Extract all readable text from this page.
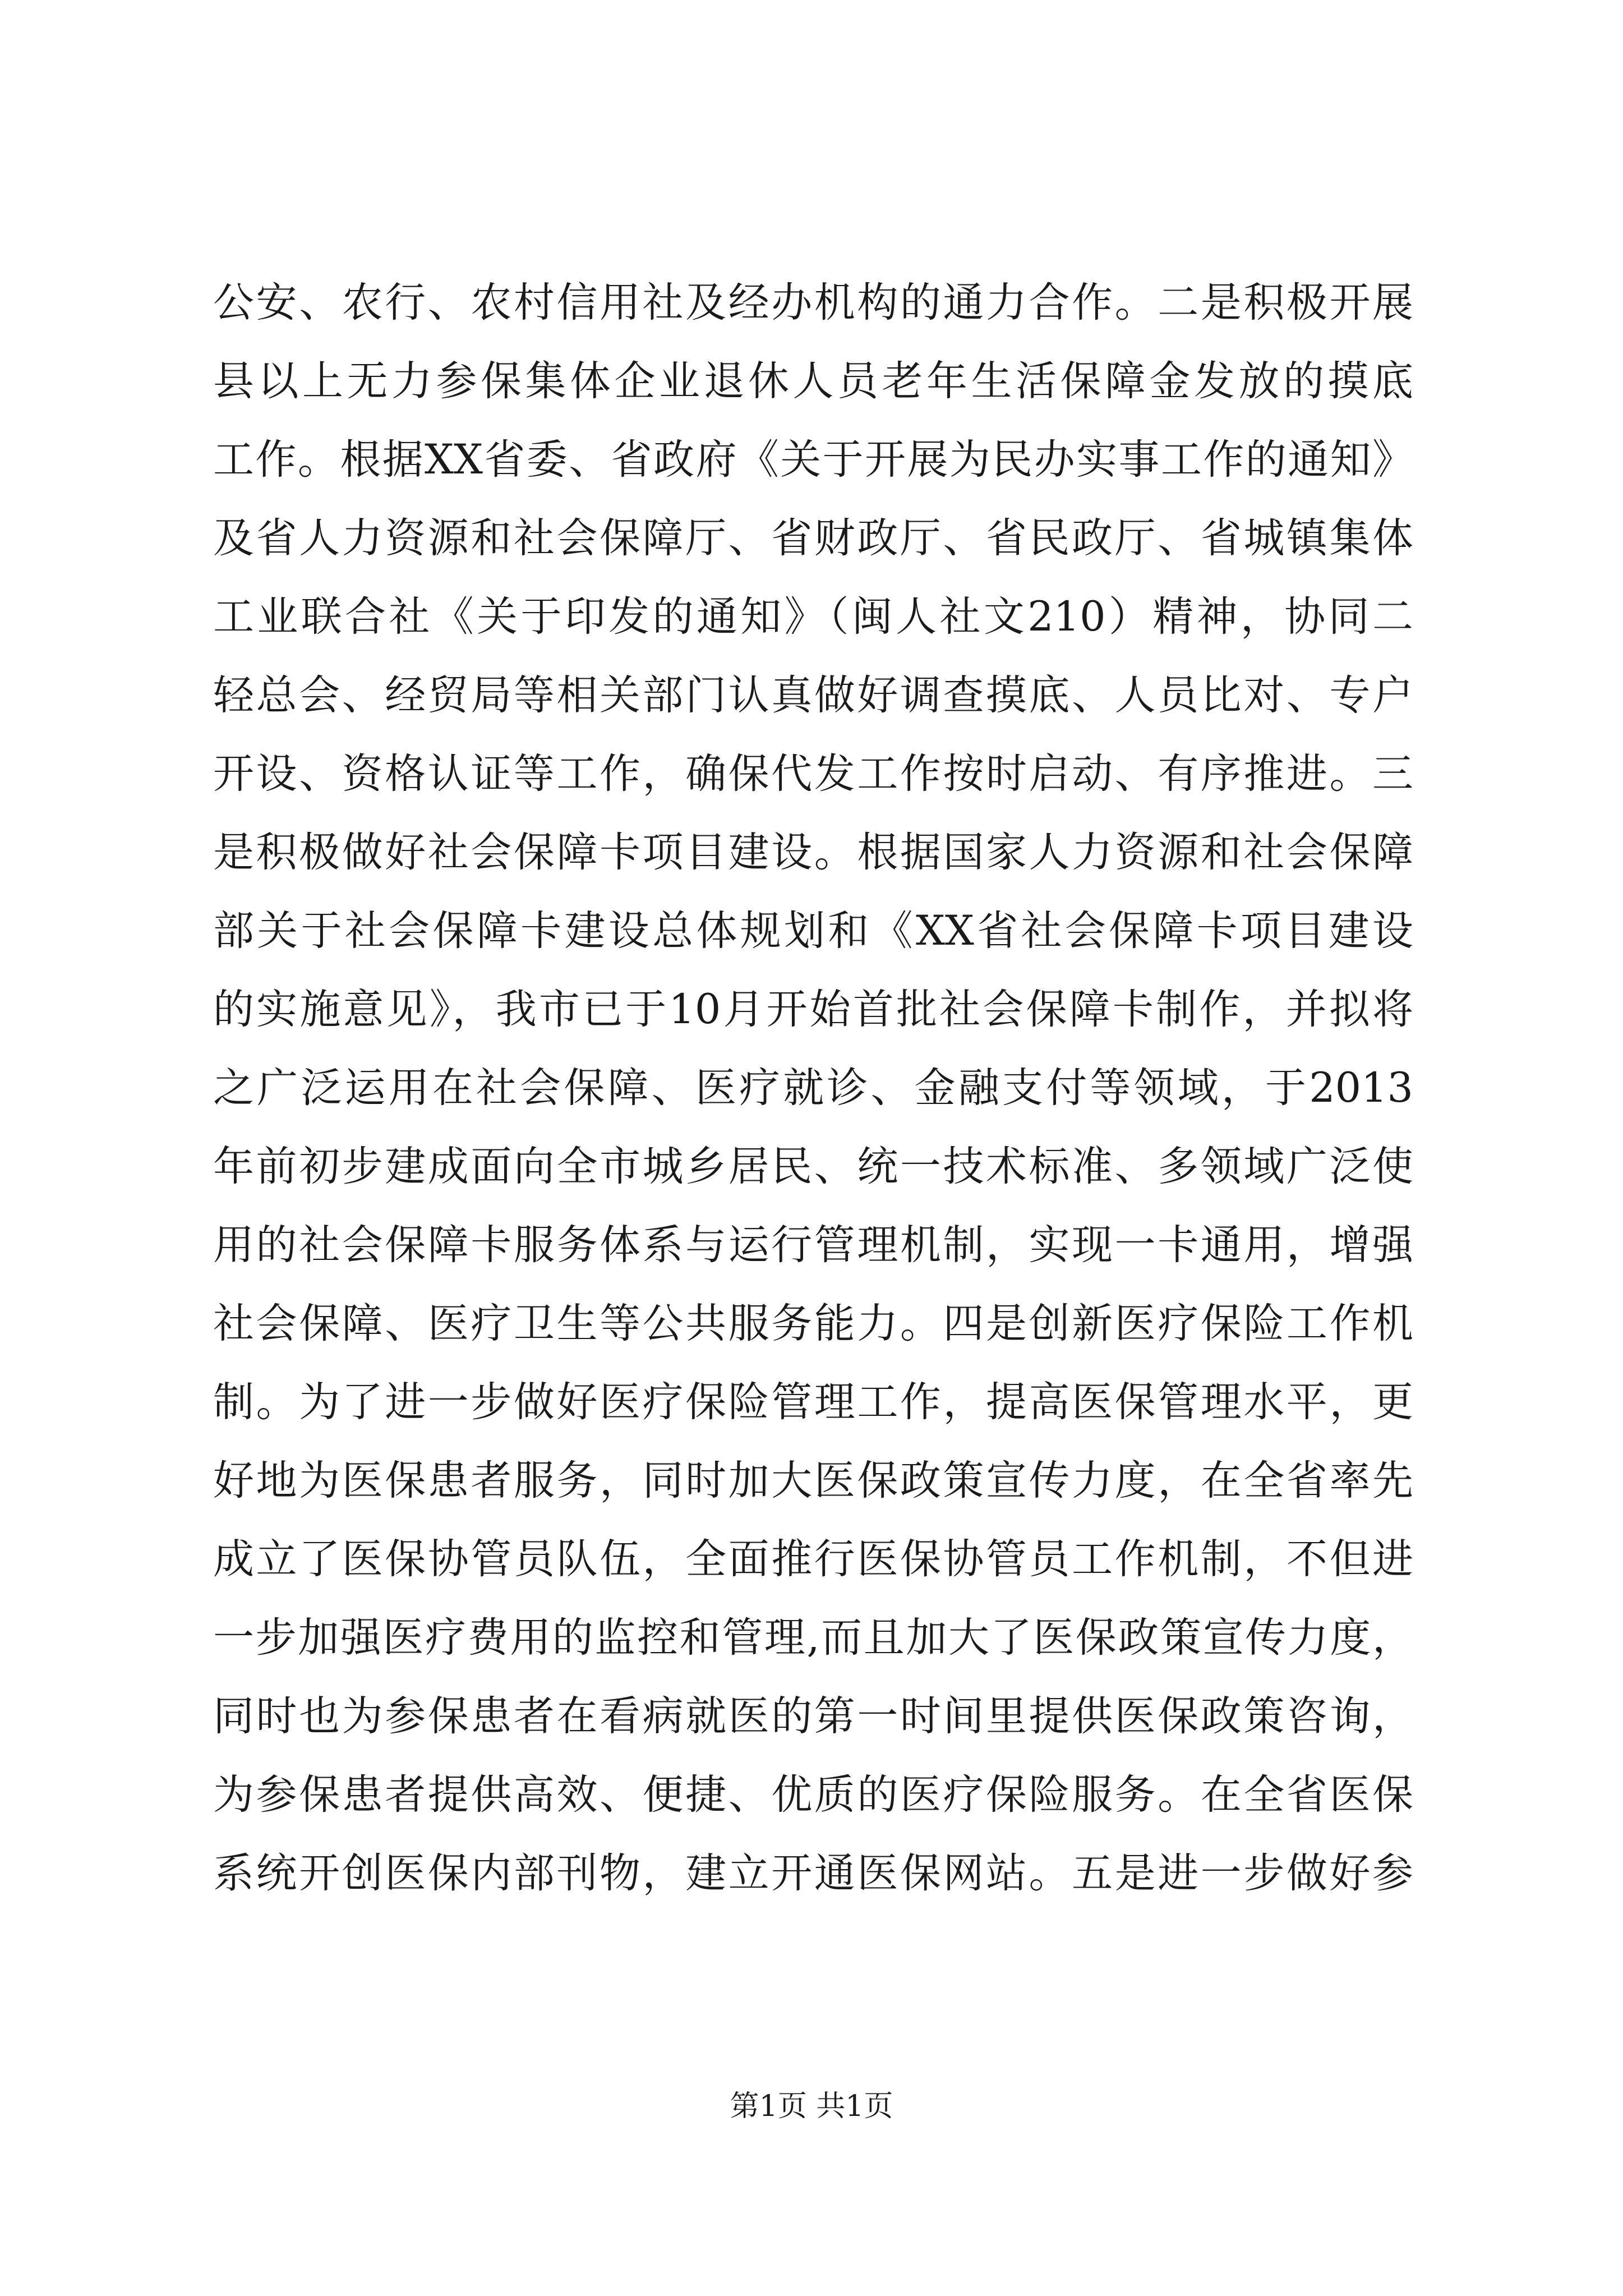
公安、农行、农村信用社及经办机构的通力合作。二是积极开展
县以上无力参保集体企业退休人员老年生活保障金发放的摸底
工作。根据XX省委、省政府《关于开展为民办实事工作的通知》
及省人力资源和社会保障厅、省财政厅、省民政厅、省城镇集体
工业联合社《关于印发的通知》（闽人社文210）精神，协同二
轻总会、经贸局等相关部门认真做好调查摸底、人员比对、专户
开设、资格认证等工作，确保代发工作按时启动、有序推进。三
是积极做好社会保障卡项目建设。根据国家人力资源和社会保障
部关于社会保障卡建设总体规划和《XX省社会保障卡项目建设
的实施意见》，我市已于10月开始首批社会保障卡制作，并拟将
之广泛运用在社会保障、医疗就诊、金融支付等领域，于2013
年前初步建成面向全市城乡居民、统一技术标准、多领域广泛使
用的社会保障卡服务体系与运行管理机制，实现一卡通用，增强
社会保障、医疗卫生等公共服务能力。四是创新医疗保险工作机
制。为了进一步做好医疗保险管理工作，提高医保管理水平，更
好地为医保患者服务，同时加大医保政策宣传力度，在全省率先
成立了医保协管员队伍，全面推行医保协管员工作机制，不但进
一步加强医疗费用的监控和管理,而且加大了医保政策宣传力度，
同时也为参保患者在看病就医的第一时间里提供医保政策咨询，
为参保患者提供高效、便捷、优质的医疗保险服务。在全省医保
系统开创医保内部刊物，建立开通医保网站。五是进一步做好参
第1页 共1页
